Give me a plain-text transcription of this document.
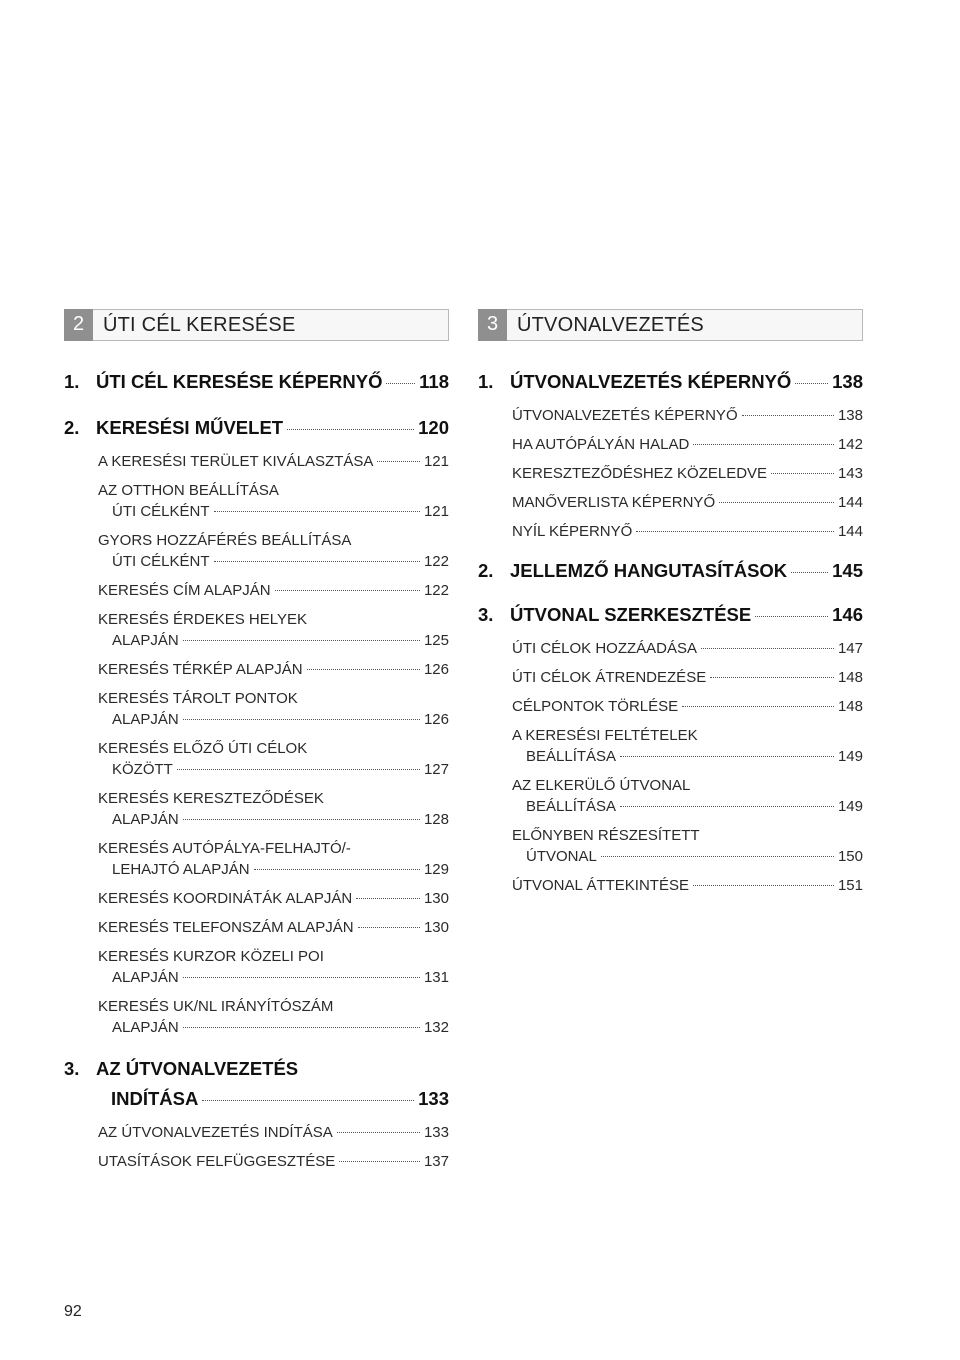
2 ÚTI CÉL KERESÉSE
1. ÚTI CÉL KERESÉSE KÉPERNYŐ 118
2. KERESÉSI MŰVELET	120
A KERESÉSI TERÜLET KIVÁLASZTÁSA	121
AZ OTTHON BEÁLLÍTÁSA
ÚTI CÉLKÉNT	121
GYORS HOZZÁFÉRÉS BEÁLLÍTÁSA
ÚTI CÉLKÉNT	122
KERESÉS CÍM ALAPJÁN	122
KERESÉS ÉRDEKES HELYEK
ALAPJÁN	125
KERESÉS TÉRKÉP ALAPJÁN	126
KERESÉS TÁROLT PONTOK
ALAPJÁN	126
KERESÉS ELŐZŐ ÚTI CÉLOK
KÖZÖTT	127
KERESÉS KERESZTEZŐDÉSEK
ALAPJÁN	128
KERESÉS AUTÓPÁLYA-FELHAJTÓ/-
LEHAJTÓ ALAPJÁN	129
KERESÉS KOORDINÁTÁK ALAPJÁN	130
KERESÉS TELEFONSZÁM ALAPJÁN	130
KERESÉS KURZOR KÖZELI POI
ALAPJÁN	131
KERESÉS UK/NL IRÁNYÍTÓSZÁM
ALAPJÁN	132
3. AZ ÚTVONALVEZETÉS
INDÍTÁSA	133
AZ ÚTVONALVEZETÉS INDÍTÁSA	133
UTASÍTÁSOK FELFÜGGESZTÉSE	137
3 ÚTVONALVEZETÉS
1. ÚTVONALVEZETÉS KÉPERNYŐ 138
ÚTVONALVEZETÉS KÉPERNYŐ	138
HA AUTÓPÁLYÁN HALAD	142
KERESZTEZŐDÉSHEZ KÖZELEDVE	143
MANŐVERLISTA KÉPERNYŐ	144
NYÍL KÉPERNYŐ	144
2. JELLEMZŐ HANGUTASÍTÁSOK 145
3. ÚTVONAL SZERKESZTÉSE	146
ÚTI CÉLOK HOZZÁADÁSA	147
ÚTI CÉLOK ÁTRENDEZÉSE	148
CÉLPONTOK TÖRLÉSE	148
A KERESÉSI FELTÉTELEK
BEÁLLÍTÁSA	149
AZ ELKERÜLŐ ÚTVONAL
BEÁLLÍTÁSA	149
ELŐNYBEN RÉSZESÍTETT
ÚTVONAL	150
ÚTVONAL ÁTTEKINTÉSE	151
92
